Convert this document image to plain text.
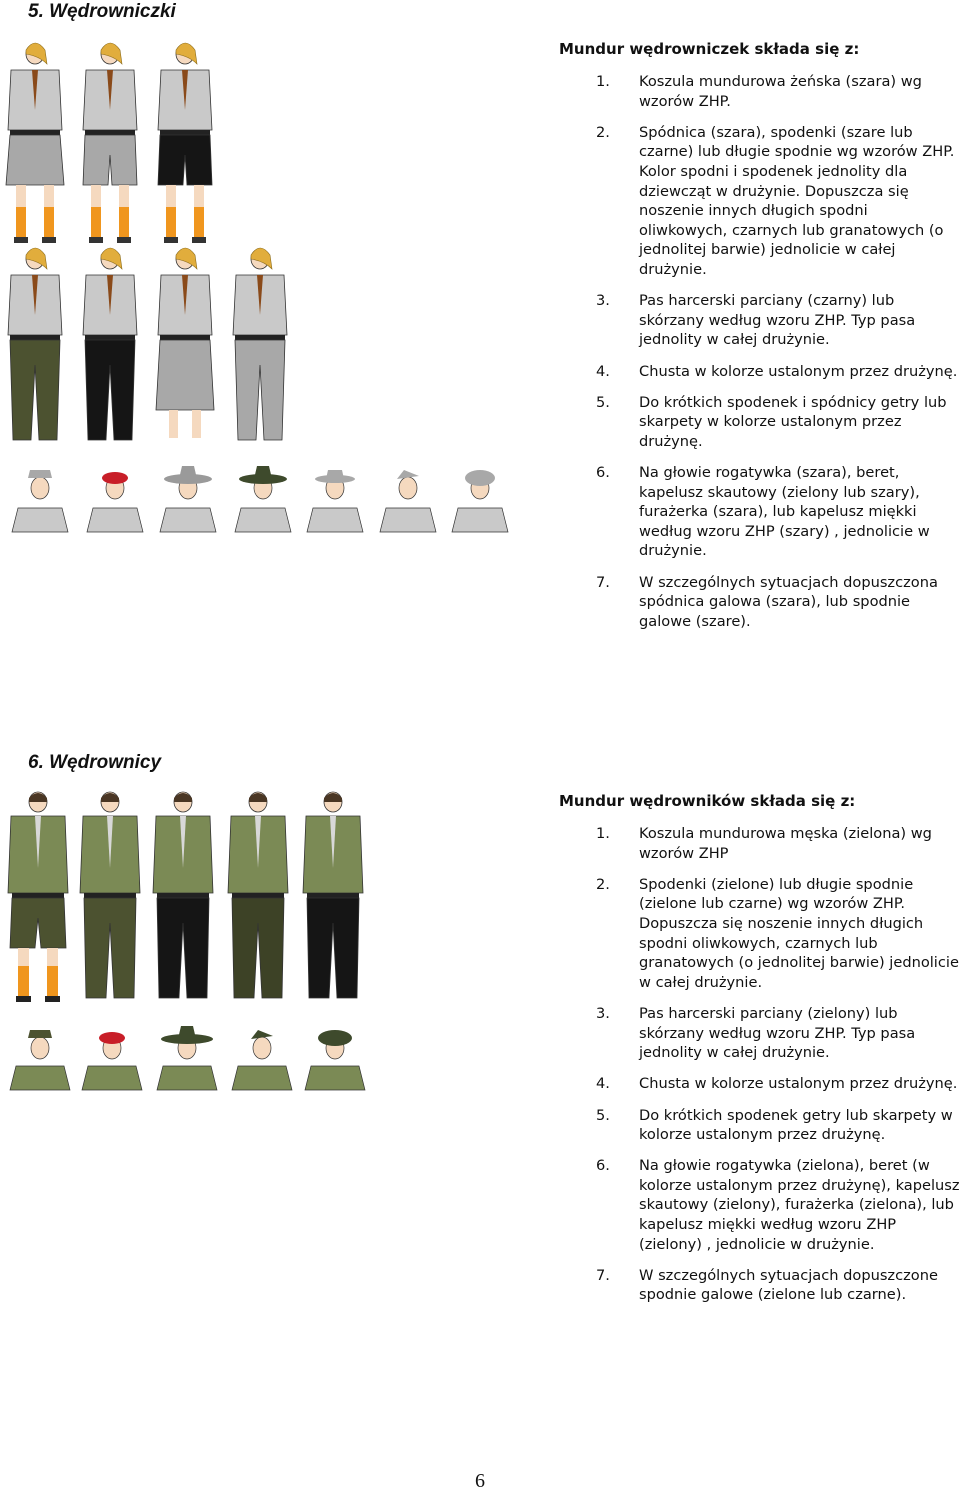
5. Wędrowniczki
Mundur wędrowniczek składa się z:
1. Koszula mundurowa żeńska (szara) wg wzorów ZHP.
2. Spódnica (szara), spodenki (szare lub czarne) lub długie spodnie wg wzorów ZHP. Kolor spodni i spodenek jednolity dla dziewcząt w drużynie. Dopuszcza się noszenie innych długich spodni oliwkowych, czarnych lub granatowych (o jednolitej barwie) jednolicie w całej drużynie.
3. Pas harcerski parciany (czarny) lub skórzany według wzoru ZHP. Typ pasa jednolity w całej drużynie.
4. Chusta w kolorze ustalonym przez drużynę.
5. Do krótkich spodenek i spódnicy getry lub skarpety w kolorze ustalonym przez drużynę.
6. Na głowie rogatywka (szara), beret, kapelusz skautowy (zielony lub szary), furażerka (szara), lub kapelusz miękki według wzoru ZHP (szary) , jednolicie w drużynie.
7. W szczególnych sytuacjach dopuszczona spódnica galowa (szara), lub spodnie galowe (szare).
6. Wędrownicy
Mundur wędrowników składa się z:
1. Koszula mundurowa męska (zielona) wg wzorów ZHP
2. Spodenki (zielone) lub długie spodnie (zielone lub czarne) wg wzorów ZHP. Dopuszcza się noszenie innych długich spodni oliwkowych, czarnych lub granatowych (o jednolitej barwie) jednolicie w całej drużynie.
3. Pas harcerski parciany (zielony) lub skórzany według wzoru ZHP. Typ pasa jednolity w całej drużynie.
4. Chusta w kolorze ustalonym przez drużynę.
5. Do krótkich spodenek getry lub skarpety w kolorze ustalonym przez drużynę.
6. Na głowie rogatywka (zielona), beret (w kolorze ustalonym przez drużynę), kapelusz skautowy (zielony), furażerka (zielona), lub kapelusz miękki według wzoru ZHP (zielony) , jednolicie w drużynie.
7. W szczególnych sytuacjach dopuszczone spodnie galowe (zielone lub czarne).
6
